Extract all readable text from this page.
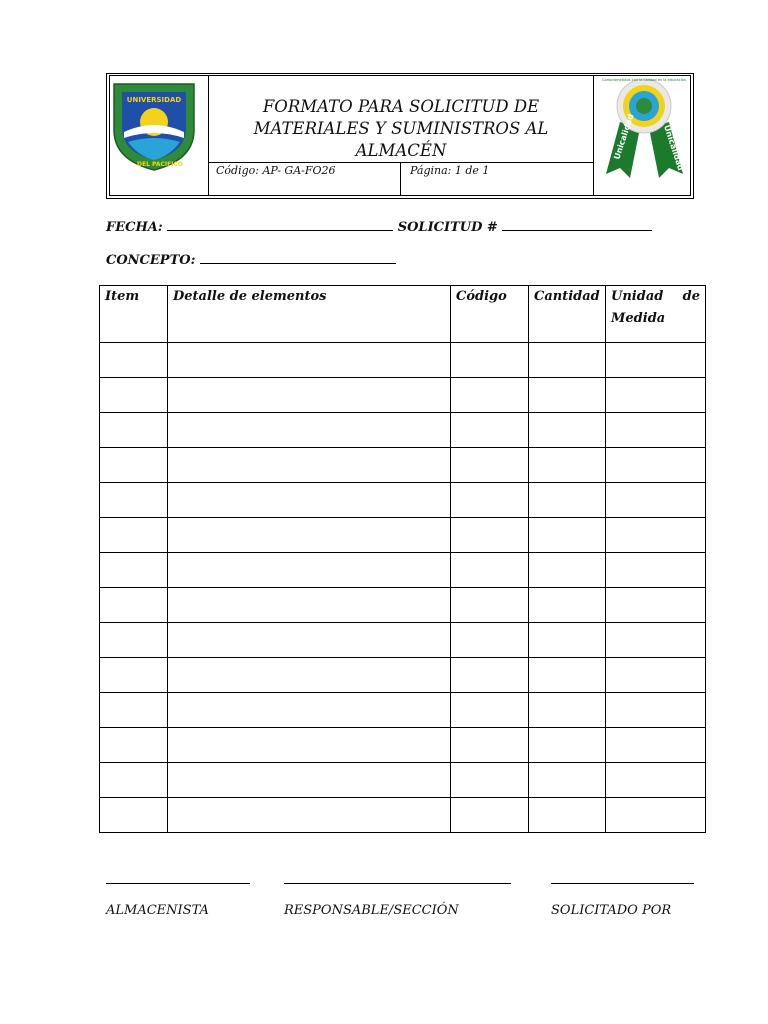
UNIVERSIDAD
DEL PACIFICO
FORMATO PARA SOLICITUD DE
MATERIALES Y SUMINISTROS AL
ALMACÉN
Código: AP- GA-FO26	Página: 1 de 1
Unicalidad	Unicalidad
Comprometidos con la calidad en la educación
FECHA:	SOLICITUD #
CONCEPTO:
Item	Detalle de elementos	Código	Cantidad	Unidad de Medida

ALMACENISTA	RESPONSABLE/SECCIÓN	SOLICITADO POR
